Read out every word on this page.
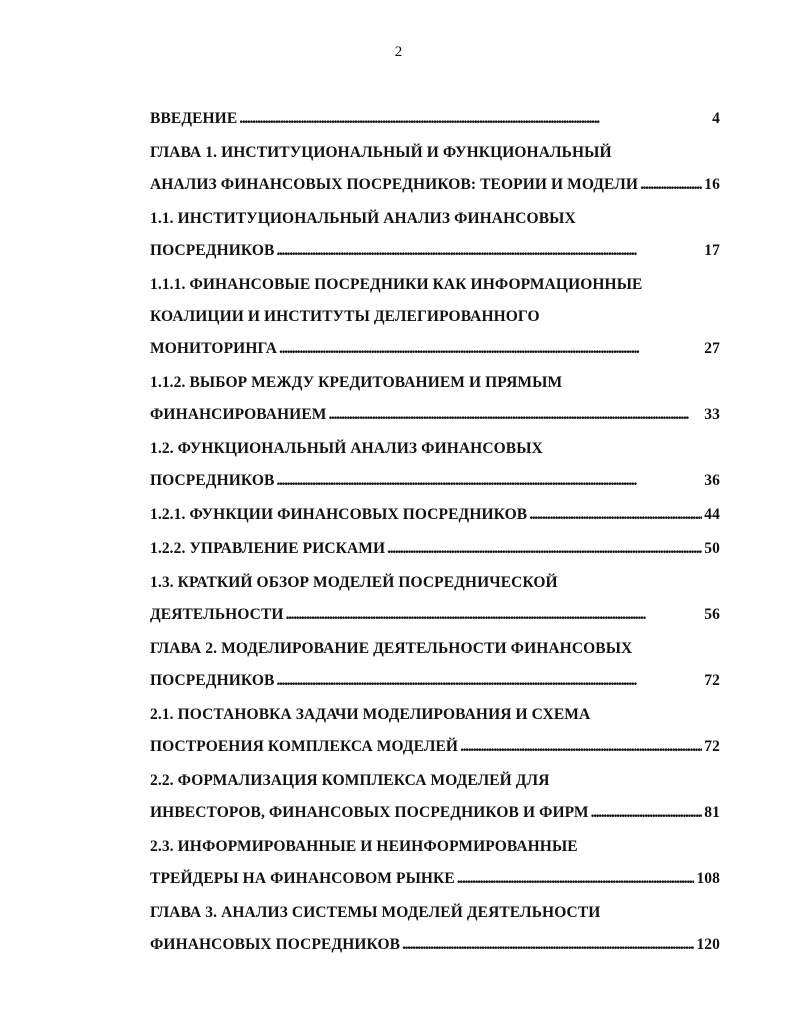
2
ВВЕДЕНИЕ . . .	4
ГЛАВА 1. ИНСТИТУЦИОНАЛЬНЫЙ И ФУНКЦИОНАЛЬНЫЙ
АНАЛИЗ ФИНАНСОВЫХ ПОСРЕДНИКОВ: ТЕОРИИ И МОДЕЛИ . . .	16
1.1. ИНСТИТУЦИОНАЛЬНЫЙ АНАЛИЗ ФИНАНСОВЫХ
ПОСРЕДНИКОВ . . .	17
1.1.1. ФИНАНСОВЫЕ ПОСРЕДНИКИ КАК ИНФОРМАЦИОННЫЕ
КОАЛИЦИИ И ИНСТИТУТЫ ДЕЛЕГИРОВАННОГО
МОНИТОРИНГА . . .	27
1.1.2. ВЫБОР МЕЖДУ КРЕДИТОВАНИЕМ И ПРЯМЫМ
ФИНАНСИРОВАНИЕМ . . .	33
1.2. ФУНКЦИОНАЛЬНЫЙ АНАЛИЗ ФИНАНСОВЫХ
ПОСРЕДНИКОВ . . .	36
1.2.1. ФУНКЦИИ ФИНАНСОВЫХ ПОСРЕДНИКОВ . . .	44
1.2.2. УПРАВЛЕНИЕ РИСКАМИ . . .	50
1.3. КРАТКИЙ ОБЗОР МОДЕЛЕЙ ПОСРЕДНИЧЕСКОЙ
ДЕЯТЕЛЬНОСТИ . . .	56
ГЛАВА 2. МОДЕЛИРОВАНИЕ ДЕЯТЕЛЬНОСТИ ФИНАНСОВЫХ
ПОСРЕДНИКОВ . . .	72
2.1. ПОСТАНОВКА ЗАДАЧИ МОДЕЛИРОВАНИЯ И СХЕМА
ПОСТРОЕНИЯ КОМПЛЕКСА МОДЕЛЕЙ . . .	72
2.2. ФОРМАЛИЗАЦИЯ КОМПЛЕКСА МОДЕЛЕЙ ДЛЯ
ИНВЕСТОРОВ, ФИНАНСОВЫХ ПОСРЕДНИКОВ И ФИРМ . . .	81
2.3. ИНФОРМИРОВАННЫЕ И НЕИНФОРМИРОВАННЫЕ
ТРЕЙДЕРЫ НА ФИНАНСОВОМ РЫНКЕ . . .	108
ГЛАВА 3. АНАЛИЗ СИСТЕМЫ МОДЕЛЕЙ ДЕЯТЕЛЬНОСТИ
ФИНАНСОВЫХ ПОСРЕДНИКОВ . . .	120
